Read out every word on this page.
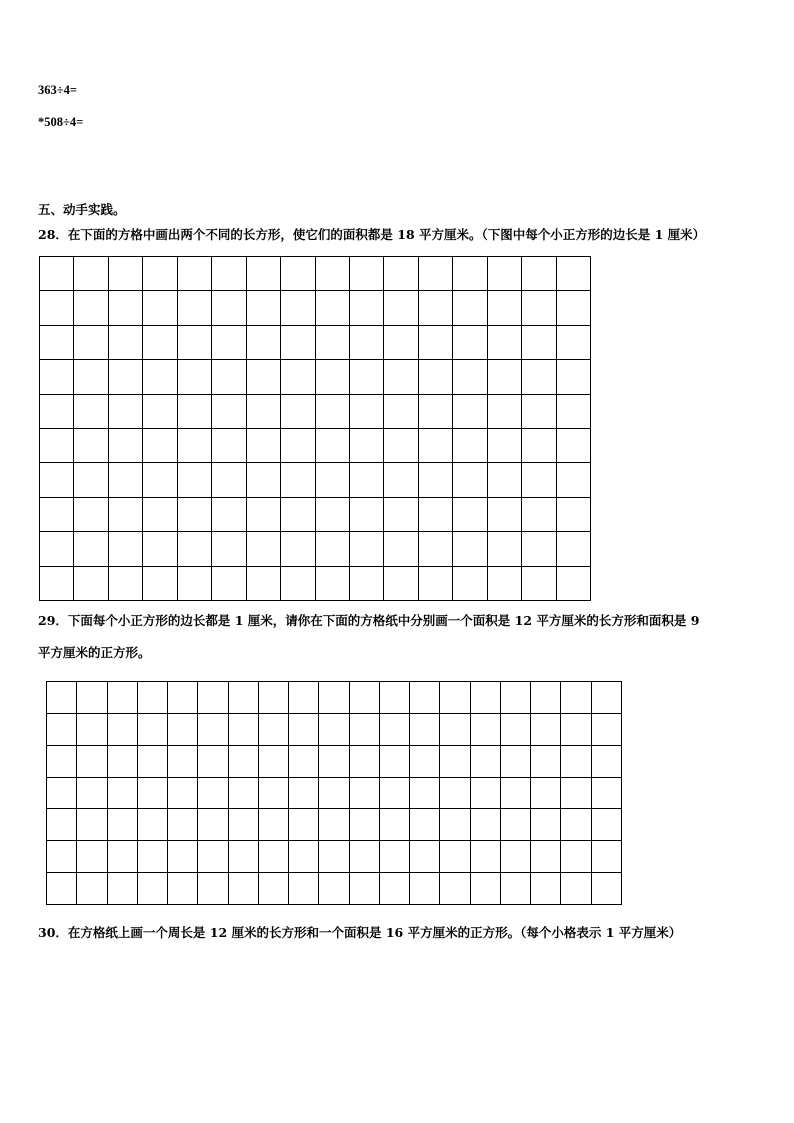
363÷4=
*508÷4=
五、动手实践。
28．在下面的方格中画出两个不同的长方形，使它们的面积都是 18 平方厘米。（下图中每个小正方形的边长是 1 厘米）
29．下面每个小正方形的边长都是 1 厘米，请你在下面的方格纸中分别画一个面积是 12 平方厘米的长方形和面积是 9
平方厘米的正方形。
30．在方格纸上画一个周长是 12 厘米的长方形和一个面积是 16 平方厘米的正方形。（每个小格表示 1 平方厘米）
